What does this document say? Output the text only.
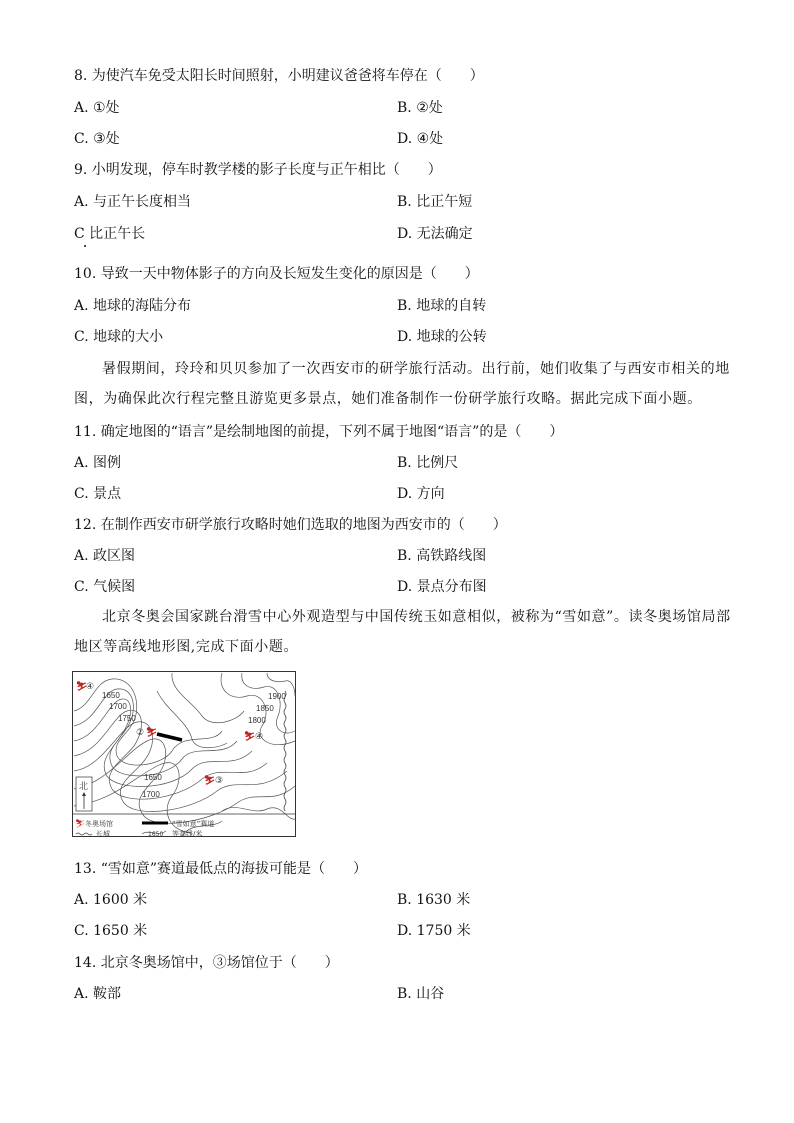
8. 为使汽车免受太阳长时间照射，小明建议爸爸将车停在（　　）
A. ①处	B. ②处
C. ③处	D. ④处
9. 小明发现，停车时教学楼的影子长度与正午相比（　　）
A. 与正午长度相当	B. 比正午短
C 比正午长	D. 无法确定
10. 导致一天中物体影子的方向及长短发生变化的原因是（　　）
A. 地球的海陆分布	B. 地球的自转
C. 地球的大小	D. 地球的公转
暑假期间，玲玲和贝贝参加了一次西安市的研学旅行活动。出行前，她们收集了与西安市相关的地图，为确保此次行程完整且游览更多景点，她们准备制作一份研学旅行攻略。据此完成下面小题。
11. 确定地图的“语言”是绘制地图的前提，下列不属于地图“语言”的是（　　）
A. 图例	B. 比例尺
C. 景点	D. 方向
12. 在制作西安市研学旅行攻略时她们选取的地图为西安市的（　　）
A. 政区图	B. 高铁路线图
C. 气候图	D. 景点分布图
北京冬奥会国家跳台滑雪中心外观造型与中国传统玉如意相似，被称为“雪如意”。读冬奥场馆局部地区等高线地形图,完成下面小题。
1650
1700
1750
1900
1850
1800
1650
1700
⛷
④
② ⛷	⛷ ④
⛷ ③
北
⛷ 冬奥场馆	“雪如意”赛道
长城	1650 等高线/米
13. “雪如意”赛道最低点的海拔可能是（　　）
A. 1600 米	B. 1630 米
C. 1650 米	D. 1750 米
14. 北京冬奥场馆中，③场馆位于（　　）
A. 鞍部	B. 山谷
